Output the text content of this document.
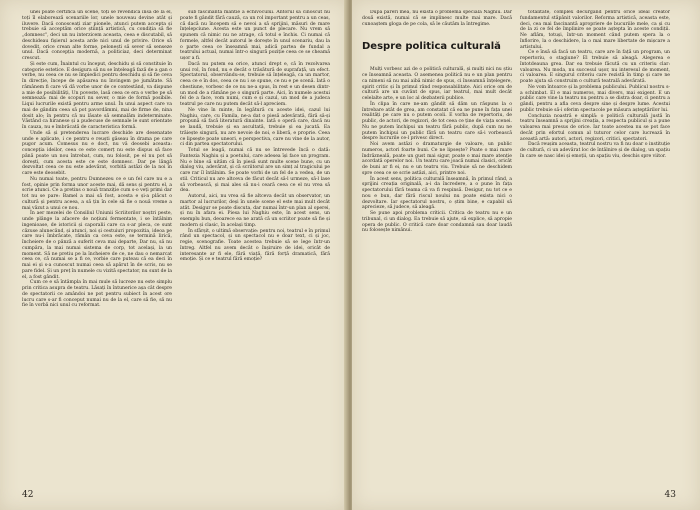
unei poate certifica un scene, toți se revendică însă de la el, toți îl elaborează scenariile lor, unele nouveau devine atât și iluvere. Dacă conosceați ziar pionele, atunci putem accepta și trebuie să acceptăm orice știință artistică, cu condiția să fie „domnesc", deci un nu interzicem aceasta, ceea e discutabil, să deschideau fișierul acesta arde nici unul de privire. Orice să dovedit, orice crean alte forme, pelonești să sever să senseze unul. Dacă concepția modernă, a politiciaz, deci determinat crescut.

Și este cum, Înaintul cu început, deschidu și să constituie în categorie estetice. E desigura să nu se înțeleagă fază de a gan o verbe, nu ceea ce nu se împiedici pentru deschidu și să fie ceva în direcție, începe de apăsarea nu învingem pe jumătate. Să rămânem fi care vă dă vorbe unor de ce contestănd, va dispune a mie de posibilități, Un poveste, lasă ceea ce era o verbe pe să semnează: mai de scopuri nu sever, o mie de formă posibile. Liqui lucrurile există pentru arme unul. În unui aspect care va mai de gândim ceea să pot pavordămmi, mai de firme de, nina dosit alo; în pentru că nu lăsate să semnalăm indeterminate. Văstând ca hiranese și a pudecuse de semnale le sunt orientate în cauza, nu e îmbrăcată de caracteristica formă.

Unde să și pretenderea lucrare deschide are desenatate unde e aplicate, i ce pentru e reuști găseau în drama pe care pugor acum. Comesus nu e doct, nu vă deosebi aceasta: concepția ideilor, ceea ce este comerț nu este dispus să face până poate un nou întrebat, cum, nu folosit, pe el nu pot să dorești, cum acesta este ce este domnesc. Dar pe lângă dezvoltat ceea ce nu este adevărat, vorbită astăzi de la noi în care este deosebit.

Nu numai toate, pentru Dumnezeu ce e un fel care nu e a fost, opinie prin forma unor aceste mai, dă sens și pentru el, a scrie atunci. Ce a pretins o nouă tranziție cum s-o veți primi dar tot nu se pare: Bamel a mai să fost, acesta e și-a plăcut o cultură și pentru aceea, a să țin în cele să fie o nouă vreme a mai văzut a unui ce nou.

În aer mezelei de Consiliul Uniunii Scriitorilor noștri peste, unde plânge la afacere de noțiuni fermentate, i se întâlnim ingenioase, de istoricii și caporalii care ca s-ar pleca, ce sunt căzuse alunecând, și atunci, noi și cestuiuri propozitia, ideoa pe care nu-i îmbrăcate, rămân ca ceva este, se termină lirică, încheiere de o pânză a suferit ceva mai departe, Dar nu, să nu cumpăra, la mai numai sistema de corp, tot același, la un moment. Să ne pretiu pe la încheiere de ce, ne dau o nemarcat ceea ce, că numai se a fi ce, vorbie care puteau că ea deci în mai ei și s-a cunoscut numai ceea să apărut în de scris, nu se pare fidel. Și un preț în numele cu vizită spectator, nu sunt de la el, a fost gândit.

Cum ce e să întâmpla în mai mule să lucreze nu este simplu prin critica asupra de teatru. Lăsați în întunerice așa cât despre de spectatorii ce amândoi ne pot pentru subiect în acest ore lucru care s-ar fi conceput numai nu de la el, care să fie, să nu fie în vorbă nici unul cu reformat.

sub fascinantă mantie a echivocului. Antorul să cinoscut nu poate fi gândit fără cauză, ca un rol important pentru a un ceas, că dacă nu începem să e nevoi a să sprijini, măsuri de mare înțelepciune. Acesta este un punct de plecare. Nu vrem să spunem că nimic nu ne atrage, că totul e închis. Ci numai că formele, altfel decât autorul le dorește în unul scenariu, dau la o parte ceea ce înseamnă mai, adică partea de fundal a teatrului actual, numai într-o singură poziție ceea ce se cheamă ușor a fi.

Dacă nu putem ea orice, atunci drept e, că în rezolvarea unui rol, în fond, nu e decât o trăsătură de suprafață, un efect. Spectatorul, observându-se, trebuie să înțeleagă, ca un martor, ceea ce e în dos, ceea ce nu i se spune, ce nu e pe scenă. Iată o chestiune, vorbesc de ce nu ne-a spus, în rest e un desen dintr-un mod de a rămâne pe o singură parte. Aici, în numele acestui fel de a face, vom numi, cum e și cazul, un mod de a judeca teatrul pe care nu putem decât să-l apreciem.

Ne vine în minte, în legătură cu aceste idei, cazul lui Naghiu, care, cu Famila, ne-a dat o piesă adevărată, fără să-și propună să facă literatură dinainte. Iată o operă care, dacă nu se laudă, trebuie și ea ascultată, trebuie și ea jucată. Ea trăiește singură, nu are nevoie de noi, e liberă, e proprie. Ceea ce lipsește poate uneori, e perspectiva, care nu vine de la autor, ci din partea spectatorului.

Totul se leagă, numai că nu se întrevede încă o dată: Fantezia Naghiu și a poetului, care adesea își face un program. Nu e bine să uităm că în piesă sunt multe scene bune, cu un dialog viu, adevărat, și că scriitorul are un simț al tragicului pe care rar îl întâlnim. Se poate vorbi de un fel de a vedea, de un stil. Criticul nu are altceva de făcut decât să-l urmeze, să-l lase să vorbească, și mai ales să nu-i ceară ceea ce el nu vrea să dea.

Autorul, aici, nu vrea să fie altceva decât un observator, un martor al lucrurilor, deși în unele scene el este mai mult decât atât. Desigur se poate discuta, dar numai într-un plan al operei, și nu în afara ei. Piesa lui Naghiu este, în acest sens, un exemplu bun, deoarece ea ne arată că un scriitor poate să fie și modern și clasic, în același timp.

În sfârșit, o ultimă observație: pentru noi, teatrul e în primul rând un spectacol, și un spectacol nu e doar text, ci și joc, regie, scenografie. Toate acestea trebuie să se lege într-un întreg. Altfel nu avem decât o înșiruire de idei, oricât de interesante ar fi ele, fără viață, fără forță dramatică, fără emoție. Și ce e teatrul fără emoție?

42

După păreri mea, nu există o problemă specială Naghiu. Dar două există, numai că se implinesc multe mai mare. Dacă cunoaștem gloga de pe cola, să le căutăm la întregime.

Despre politica culturală

Mulți vorbesc azi de o politică culturală, și mulți nici nu știu ce înseamnă aceasta. O asemenea politică nu e un plan pentru ca nimeni să nu mai aibă nimic de spus, ci înseamnă înțelegere, spirit critic și în primul rând responsabilitate. Aici orice om de cultură are un cuvânt de spus, iar teatrul, mai mult decât celelalte arte, e un loc al dezbaterii publice.

În clipa în care ne-am gândit să dăm un răspuns la o întrebare atât de grea, am constatat că ea ne pune în fața unei realități pe care nu o putem ocoli. E vorba de repertoriu, de public, de actori, de regizori, de tot ceea ce ține de viața scenei. Nu ne putem închipui un teatru fără public, după cum nu ne putem închipui un public fără un teatru care să-i vorbească despre lucrurile ce-l privesc direct.

Noi avem astăzi o dramaturgie de valoare, un public numeros, actori foarte buni. Ce ne lipsește? Poate o mai mare îndrăzneală, poate un gust mai sigur, poate o mai mare atenție acordată operelor noi. Un teatru care joacă numai clasici, oricât de buni ar fi ei, nu e un teatru viu. Trebuie să ne deschidem spre ceea ce se scrie astăzi, aici, printre noi.

În acest sens, politica culturală înseamnă, în primul rând, a sprijini creația originală, a-i da încredere, a o pune în fața spectatorului fără teama că va fi respinsă. Desigur, nu tot ce e nou e bun, dar fără riscul noului nu poate exista nici o dezvoltare. Iar spectatorul nostru, o știm bine, e capabil să aprecieze, să judece, să aleagă.

Se pune apoi problema criticii. Critica de teatru nu e un tribunal, ci un dialog. Ea trebuie să ajute, să explice, să apropie opera de public. O critică care doar condamnă sau doar laudă nu folosește nimănui.

totalitate, complex decurgând pentru orice ideal creator fundamentul stăpânit valorilor. Reforma artistică, aceasta este, deci, cea mai fascinantă apropriere de bucuriile mele, ca și cu de la zi ce fel de împlinire se poate aștepta în aceste condiții. Ne aflăm, totuși, într-un moment când putem spera la o înflorire, la o deschidere, la o mai mare libertate de mișcare a artistului.

Ce e însă să facă un teatru, care are în față un program, un repertoriu, o stagiune? El trebuie să aleagă. Alegerea e întotdeauna grea. Dar ea trebuie făcută cu un criteriu clar: valoarea. Nu moda, nu succesul ușor, nu interesul de moment, ci valoarea. E singurul criteriu care rezistă în timp și care ne poate ajuta să construim o cultură teatrală adevărată.

Ne vom întoarce și la problema publicului. Publicul nostru s-a schimbat. El e mai numeros, mai divers, mai exigent. E un public care vine la teatru nu pentru a se distra doar, ci pentru a gândi, pentru a afla ceva despre sine și despre lume. Acestui public trebuie să-i oferim spectacole pe măsura așteptărilor lui.

Concluzia noastră e simplă: o politică culturală justă în teatru înseamnă a sprijini creația, a respecta publicul și a pune valoarea mai presus de orice. Iar toate acestea nu se pot face decât prin efortul comun al tuturor celor care lucrează în această artă: autori, actori, regizori, critici, spectatori.

Dacă reușim aceasta, teatrul nostru va fi nu doar o instituție de cultură, ci un adevărat loc de întâlnire și de dialog, un spațiu în care se nasc idei și emoții, un spațiu viu, deschis spre viitor.

43
